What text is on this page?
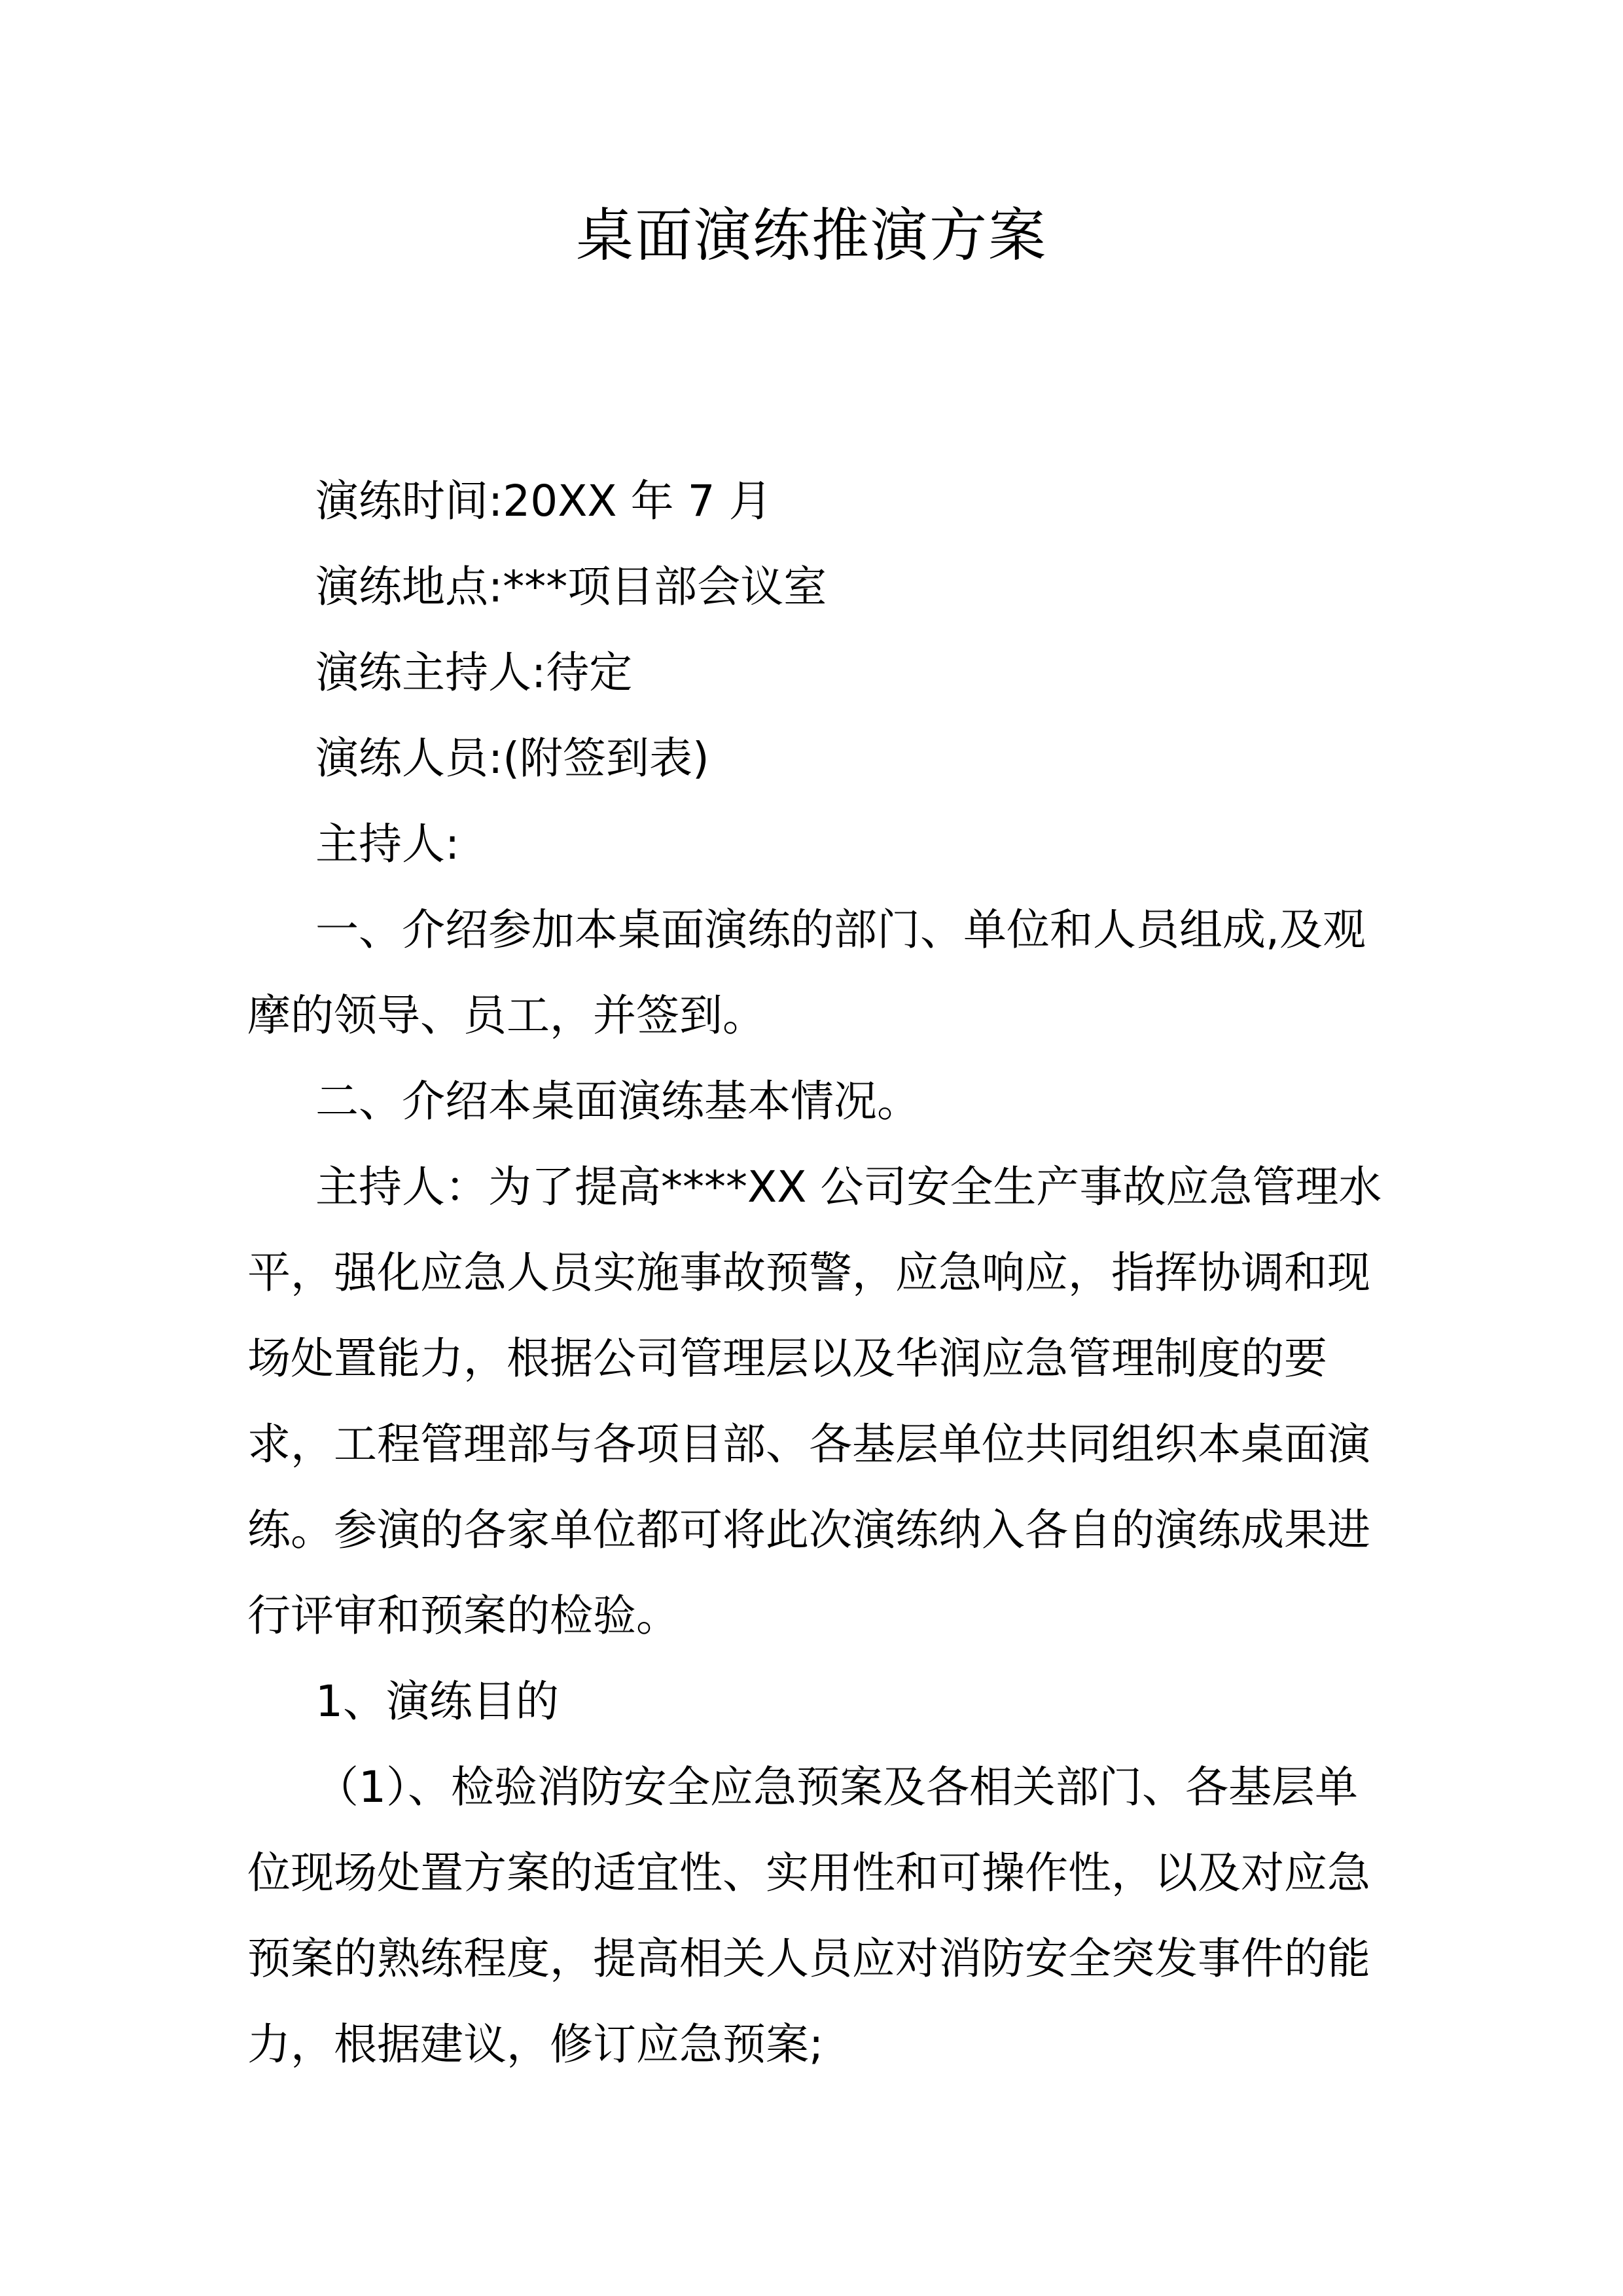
桌面演练推演方案

演练时间:20XX 年 7 月

演练地点:***项目部会议室

演练主持人:待定

演练人员:(附签到表)

主持人:

一、介绍参加本桌面演练的部门、单位和人员组成,及观摩的领导、员工，并签到。

二、介绍本桌面演练基本情况。

主持人：为了提高****XX 公司安全生产事故应急管理水平，强化应急人员实施事故预警，应急响应，指挥协调和现场处置能力，根据公司管理层以及华润应急管理制度的要求，工程管理部与各项目部、各基层单位共同组织本桌面演练。参演的各家单位都可将此次演练纳入各自的演练成果进行评审和预案的检验。

1、演练目的

（1）、检验消防安全应急预案及各相关部门、各基层单位现场处置方案的适宜性、实用性和可操作性，以及对应急预案的熟练程度，提高相关人员应对消防安全突发事件的能力，根据建议，修订应急预案;
